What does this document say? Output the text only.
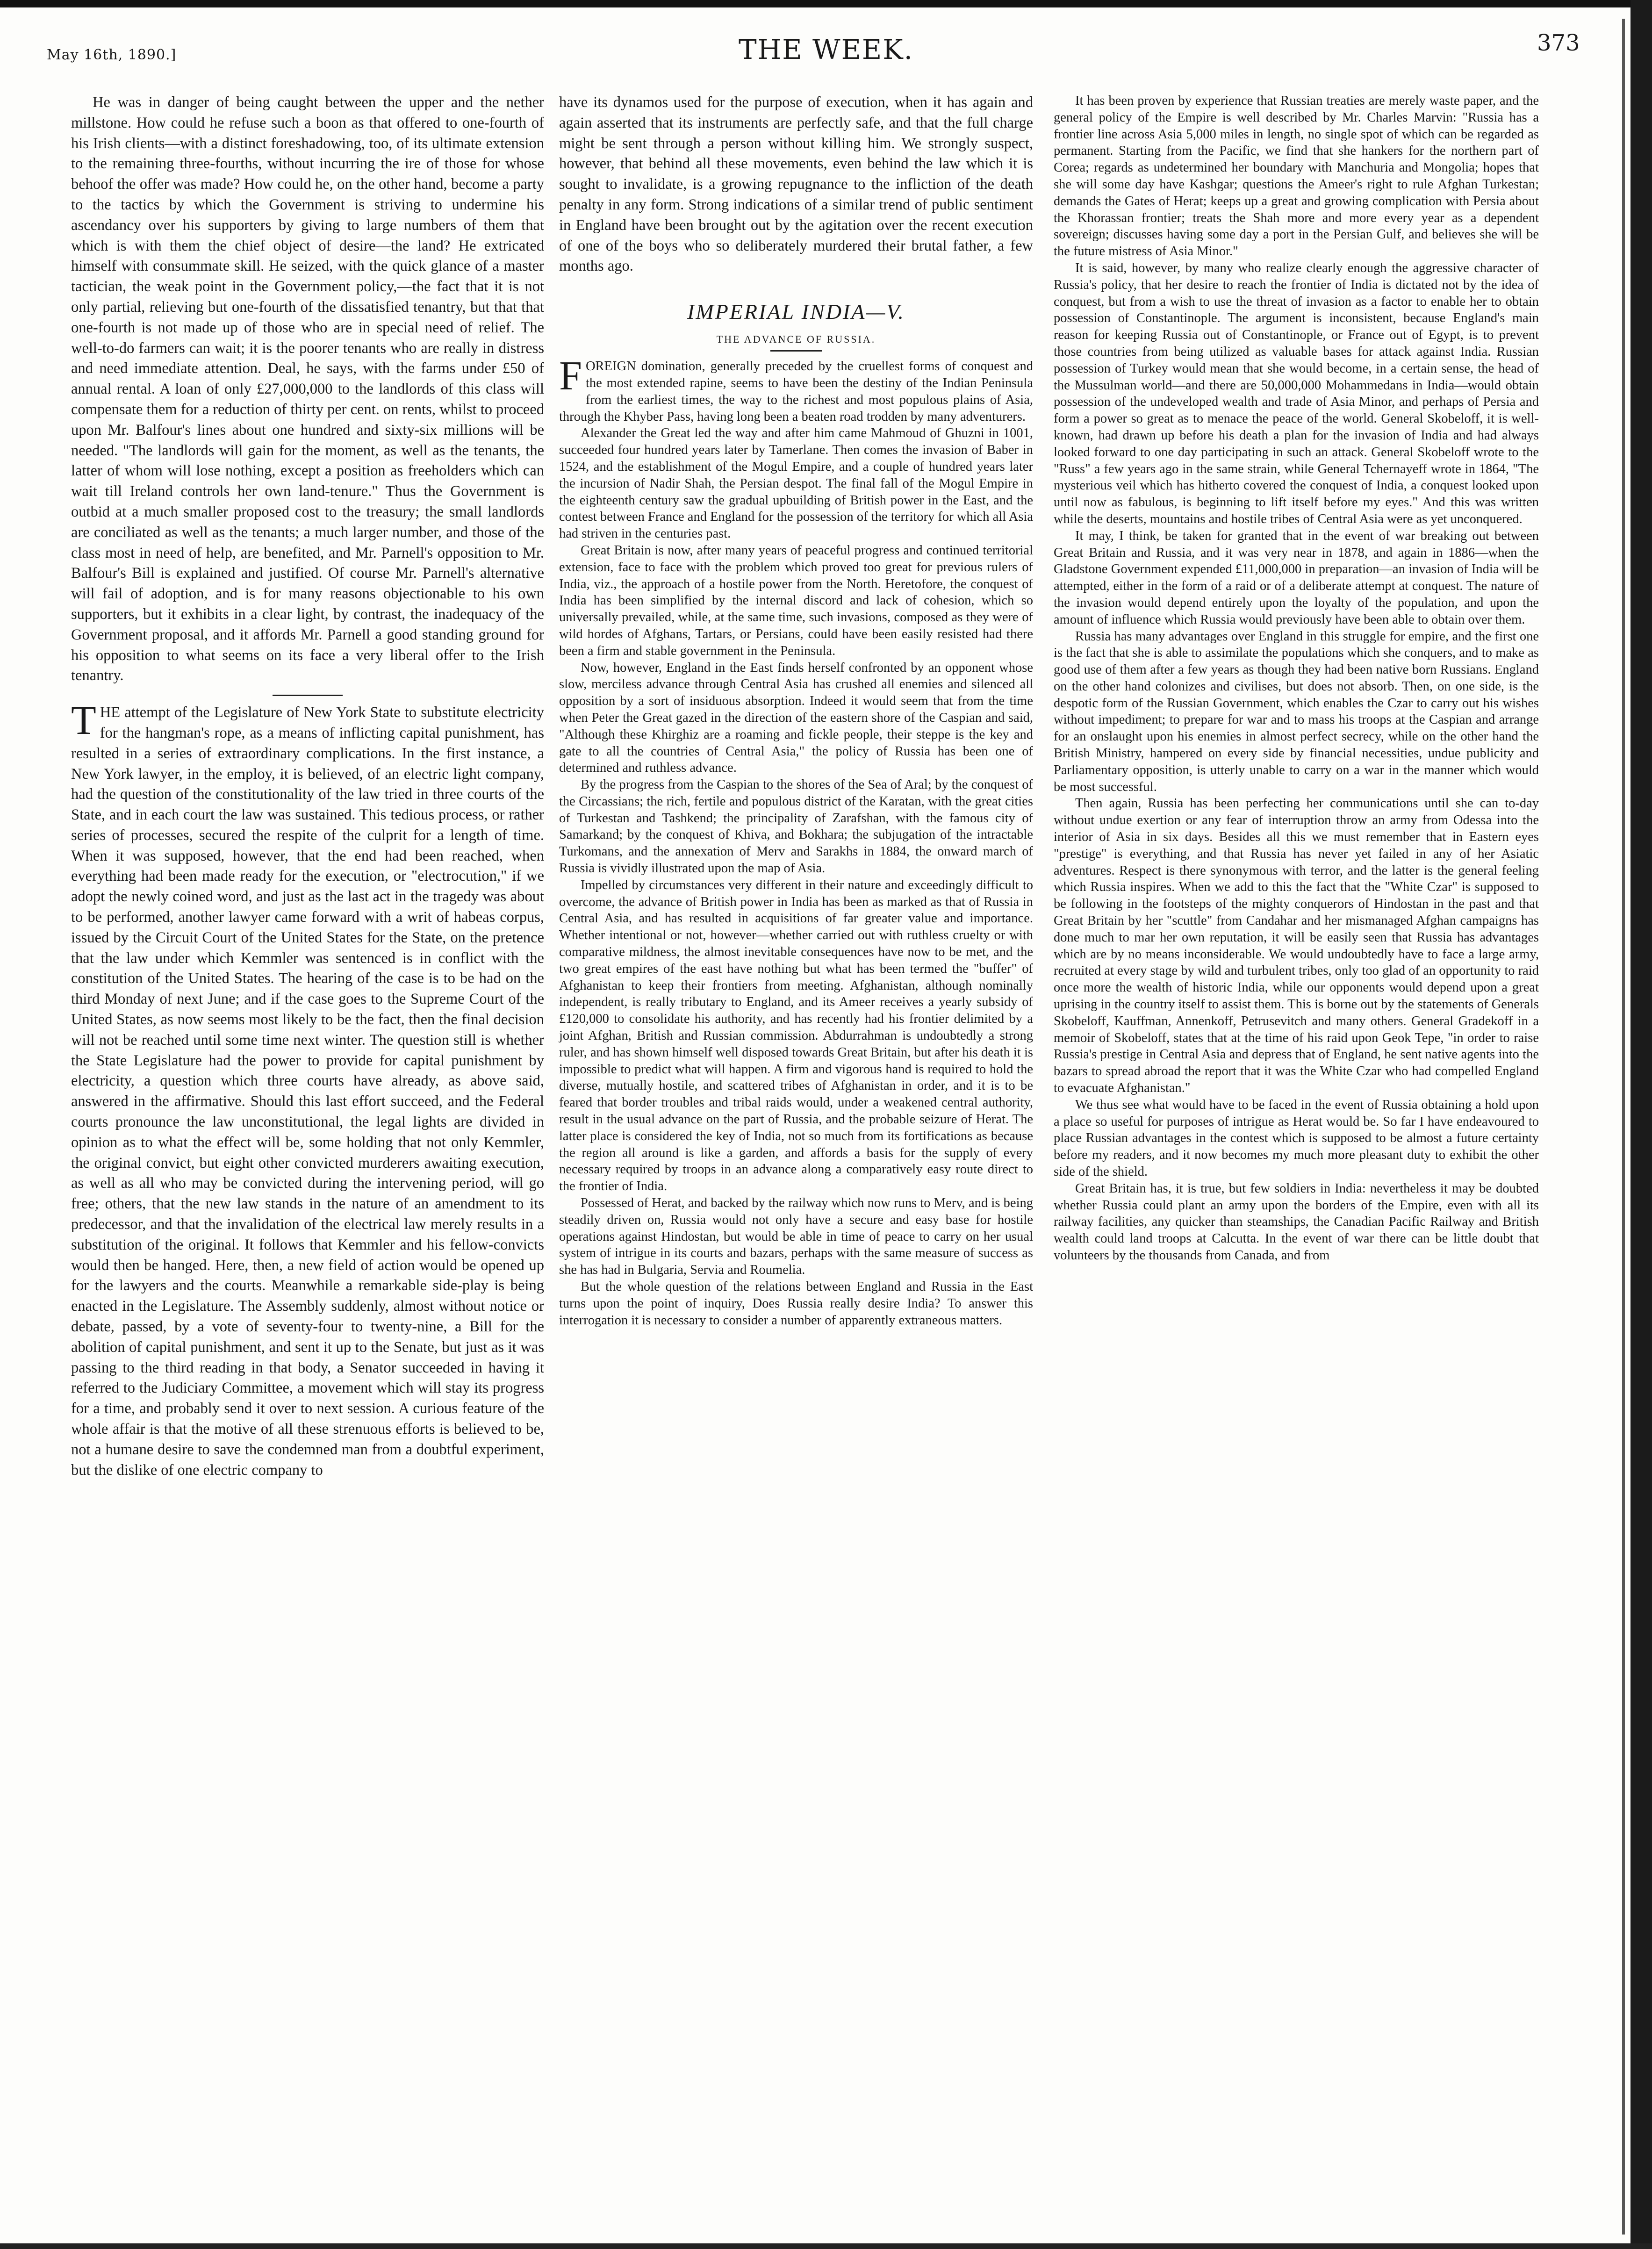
May 16th, 1890.]	THE WEEK.	373

He was in danger of being caught between the upper and the nether millstone. How could he refuse such a boon as that offered to one-fourth of his Irish clients—with a distinct foreshadowing, too, of its ultimate extension to the remaining three-fourths, without incurring the ire of those for whose behoof the offer was made? How could he, on the other hand, become a party to the tactics by which the Government is striving to undermine his ascendancy over his supporters by giving to large numbers of them that which is with them the chief object of desire—the land? He extricated himself with consummate skill. He seized, with the quick glance of a master tactician, the weak point in the Government policy,—the fact that it is not only partial, relieving but one-fourth of the dissatisfied tenantry, but that that one-fourth is not made up of those who are in special need of relief. The well-to-do farmers can wait; it is the poorer tenants who are really in distress and need immediate attention. Deal, he says, with the farms under £50 of annual rental. A loan of only £27,000,000 to the landlords of this class will compensate them for a reduction of thirty per cent. on rents, whilst to proceed upon Mr. Balfour's lines about one hundred and sixty-six millions will be needed. "The landlords will gain for the moment, as well as the tenants, the latter of whom will lose nothing, except a position as freeholders which can wait till Ireland controls her own land-tenure." Thus the Government is outbid at a much smaller proposed cost to the treasury; the small landlords are conciliated as well as the tenants; a much larger number, and those of the class most in need of help, are benefited, and Mr. Parnell's opposition to Mr. Balfour's Bill is explained and justified. Of course Mr. Parnell's alternative will fail of adoption, and is for many reasons objectionable to his own supporters, but it exhibits in a clear light, by contrast, the inadequacy of the Government proposal, and it affords Mr. Parnell a good standing ground for his opposition to what seems on its face a very liberal offer to the Irish tenantry.

THE attempt of the Legislature of New York State to substitute electricity for the hangman's rope, as a means of inflicting capital punishment, has resulted in a series of extraordinary complications. In the first instance, a New York lawyer, in the employ, it is believed, of an electric light company, had the question of the constitutionality of the law tried in three courts of the State, and in each court the law was sustained. This tedious process, or rather series of processes, secured the respite of the culprit for a length of time. When it was supposed, however, that the end had been reached, when everything had been made ready for the execution, or "electrocution," if we adopt the newly coined word, and just as the last act in the tragedy was about to be performed, another lawyer came forward with a writ of habeas corpus, issued by the Circuit Court of the United States for the State, on the pretence that the law under which Kemmler was sentenced is in conflict with the constitution of the United States. The hearing of the case is to be had on the third Monday of next June; and if the case goes to the Supreme Court of the United States, as now seems most likely to be the fact, then the final decision will not be reached until some time next winter. The question still is whether the State Legislature had the power to provide for capital punishment by electricity, a question which three courts have already, as above said, answered in the affirmative. Should this last effort succeed, and the Federal courts pronounce the law unconstitutional, the legal lights are divided in opinion as to what the effect will be, some holding that not only Kemmler, the original convict, but eight other convicted murderers awaiting execution, as well as all who may be convicted during the intervening period, will go free; others, that the new law stands in the nature of an amendment to its predecessor, and that the invalidation of the electrical law merely results in a substitution of the original. It follows that Kemmler and his fellow-convicts would then be hanged. Here, then, a new field of action would be opened up for the lawyers and the courts. Meanwhile a remarkable side-play is being enacted in the Legislature. The Assembly suddenly, almost without notice or debate, passed, by a vote of seventy-four to twenty-nine, a Bill for the abolition of capital punishment, and sent it up to the Senate, but just as it was passing to the third reading in that body, a Senator succeeded in having it referred to the Judiciary Committee, a movement which will stay its progress for a time, and probably send it over to next session. A curious feature of the whole affair is that the motive of all these strenuous efforts is believed to be, not a humane desire to save the condemned man from a doubtful experiment, but the dislike of one electric company to

have its dynamos used for the purpose of execution, when it has again and again asserted that its instruments are perfectly safe, and that the full charge might be sent through a person without killing him. We strongly suspect, however, that behind all these movements, even behind the law which it is sought to invalidate, is a growing repugnance to the infliction of the death penalty in any form. Strong indications of a similar trend of public sentiment in England have been brought out by the agitation over the recent execution of one of the boys who so deliberately murdered their brutal father, a few months ago.

IMPERIAL INDIA—V.
THE ADVANCE OF RUSSIA.

FOREIGN domination, generally preceded by the cruellest forms of conquest and the most extended rapine, seems to have been the destiny of the Indian Peninsula from the earliest times, the way to the richest and most populous plains of Asia, through the Khyber Pass, having long been a beaten road trodden by many adventurers.

Alexander the Great led the way and after him came Mahmoud of Ghuzni in 1001, succeeded four hundred years later by Tamerlane. Then comes the invasion of Baber in 1524, and the establishment of the Mogul Empire, and a couple of hundred years later the incursion of Nadir Shah, the Persian despot. The final fall of the Mogul Empire in the eighteenth century saw the gradual upbuilding of British power in the East, and the contest between France and England for the possession of the territory for which all Asia had striven in the centuries past.

Great Britain is now, after many years of peaceful progress and continued territorial extension, face to face with the problem which proved too great for previous rulers of India, viz., the approach of a hostile power from the North. Heretofore, the conquest of India has been simplified by the internal discord and lack of cohesion, which so universally prevailed, while, at the same time, such invasions, composed as they were of wild hordes of Afghans, Tartars, or Persians, could have been easily resisted had there been a firm and stable government in the Peninsula.

Now, however, England in the East finds herself confronted by an opponent whose slow, merciless advance through Central Asia has crushed all enemies and silenced all opposition by a sort of insiduous absorption. Indeed it would seem that from the time when Peter the Great gazed in the direction of the eastern shore of the Caspian and said, "Although these Khirghiz are a roaming and fickle people, their steppe is the key and gate to all the countries of Central Asia," the policy of Russia has been one of determined and ruthless advance.

By the progress from the Caspian to the shores of the Sea of Aral; by the conquest of the Circassians; the rich, fertile and populous district of the Karatan, with the great cities of Turkestan and Tashkend; the principality of Zarafshan, with the famous city of Samarkand; by the conquest of Khiva, and Bokhara; the subjugation of the intractable Turkomans, and the annexation of Merv and Sarakhs in 1884, the onward march of Russia is vividly illustrated upon the map of Asia.

Impelled by circumstances very different in their nature and exceedingly difficult to overcome, the advance of British power in India has been as marked as that of Russia in Central Asia, and has resulted in acquisitions of far greater value and importance. Whether intentional or not, however—whether carried out with ruthless cruelty or with comparative mildness, the almost inevitable consequences have now to be met, and the two great empires of the east have nothing but what has been termed the "buffer" of Afghanistan to keep their frontiers from meeting. Afghanistan, although nominally independent, is really tributary to England, and its Ameer receives a yearly subsidy of £120,000 to consolidate his authority, and has recently had his frontier delimited by a joint Afghan, British and Russian commission. Abdurrahman is undoubtedly a strong ruler, and has shown himself well disposed towards Great Britain, but after his death it is impossible to predict what will happen. A firm and vigorous hand is required to hold the diverse, mutually hostile, and scattered tribes of Afghanistan in order, and it is to be feared that border troubles and tribal raids would, under a weakened central authority, result in the usual advance on the part of Russia, and the probable seizure of Herat. The latter place is considered the key of India, not so much from its fortifications as because the region all around is like a garden, and affords a basis for the supply of every necessary required by troops in an advance along a comparatively easy route direct to the frontier of India.

Possessed of Herat, and backed by the railway which now runs to Merv, and is being steadily driven on, Russia would not only have a secure and easy base for hostile operations against Hindostan, but would be able in time of peace to carry on her usual system of intrigue in its courts and bazars, perhaps with the same measure of success as she has had in Bulgaria, Servia and Roumelia.

But the whole question of the relations between England and Russia in the East turns upon the point of inquiry, Does Russia really desire India? To answer this interrogation it is necessary to consider a number of apparently extraneous matters.

It has been proven by experience that Russian treaties are merely waste paper, and the general policy of the Empire is well described by Mr. Charles Marvin: "Russia has a frontier line across Asia 5,000 miles in length, no single spot of which can be regarded as permanent. Starting from the Pacific, we find that she hankers for the northern part of Corea; regards as undetermined her boundary with Manchuria and Mongolia; hopes that she will some day have Kashgar; questions the Ameer's right to rule Afghan Turkestan; demands the Gates of Herat; keeps up a great and growing complication with Persia about the Khorassan frontier; treats the Shah more and more every year as a dependent sovereign; discusses having some day a port in the Persian Gulf, and believes she will be the future mistress of Asia Minor."

It is said, however, by many who realize clearly enough the aggressive character of Russia's policy, that her desire to reach the frontier of India is dictated not by the idea of conquest, but from a wish to use the threat of invasion as a factor to enable her to obtain possession of Constantinople. The argument is inconsistent, because England's main reason for keeping Russia out of Constantinople, or France out of Egypt, is to prevent those countries from being utilized as valuable bases for attack against India. Russian possession of Turkey would mean that she would become, in a certain sense, the head of the Mussulman world—and there are 50,000,000 Mohammedans in India—would obtain possession of the undeveloped wealth and trade of Asia Minor, and perhaps of Persia and form a power so great as to menace the peace of the world. General Skobeloff, it is well-known, had drawn up before his death a plan for the invasion of India and had always looked forward to one day participating in such an attack. General Skobeloff wrote to the "Russ" a few years ago in the same strain, while General Tchernayeff wrote in 1864, "The mysterious veil which has hitherto covered the conquest of India, a conquest looked upon until now as fabulous, is beginning to lift itself before my eyes." And this was written while the deserts, mountains and hostile tribes of Central Asia were as yet unconquered.

It may, I think, be taken for granted that in the event of war breaking out between Great Britain and Russia, and it was very near in 1878, and again in 1886—when the Gladstone Government expended £11,000,000 in preparation—an invasion of India will be attempted, either in the form of a raid or of a deliberate attempt at conquest. The nature of the invasion would depend entirely upon the loyalty of the population, and upon the amount of influence which Russia would previously have been able to obtain over them.

Russia has many advantages over England in this struggle for empire, and the first one is the fact that she is able to assimilate the populations which she conquers, and to make as good use of them after a few years as though they had been native born Russians. England on the other hand colonizes and civilises, but does not absorb. Then, on one side, is the despotic form of the Russian Government, which enables the Czar to carry out his wishes without impediment; to prepare for war and to mass his troops at the Caspian and arrange for an onslaught upon his enemies in almost perfect secrecy, while on the other hand the British Ministry, hampered on every side by financial necessities, undue publicity and Parliamentary opposition, is utterly unable to carry on a war in the manner which would be most successful.

Then again, Russia has been perfecting her communications until she can to-day without undue exertion or any fear of interruption throw an army from Odessa into the interior of Asia in six days. Besides all this we must remember that in Eastern eyes "prestige" is everything, and that Russia has never yet failed in any of her Asiatic adventures. Respect is there synonymous with terror, and the latter is the general feeling which Russia inspires. When we add to this the fact that the "White Czar" is supposed to be following in the footsteps of the mighty conquerors of Hindostan in the past and that Great Britain by her "scuttle" from Candahar and her mismanaged Afghan campaigns has done much to mar her own reputation, it will be easily seen that Russia has advantages which are by no means inconsiderable. We would undoubtedly have to face a large army, recruited at every stage by wild and turbulent tribes, only too glad of an opportunity to raid once more the wealth of historic India, while our opponents would depend upon a great uprising in the country itself to assist them. This is borne out by the statements of Generals Skobeloff, Kauffman, Annenkoff, Petrusevitch and many others. General Gradekoff in a memoir of Skobeloff, states that at the time of his raid upon Geok Tepe, "in order to raise Russia's prestige in Central Asia and depress that of England, he sent native agents into the bazars to spread abroad the report that it was the White Czar who had compelled England to evacuate Afghanistan."

We thus see what would have to be faced in the event of Russia obtaining a hold upon a place so useful for purposes of intrigue as Herat would be. So far I have endeavoured to place Russian advantages in the contest which is supposed to be almost a future certainty before my readers, and it now becomes my much more pleasant duty to exhibit the other side of the shield.

Great Britain has, it is true, but few soldiers in India: nevertheless it may be doubted whether Russia could plant an army upon the borders of the Empire, even with all its railway facilities, any quicker than steamships, the Canadian Pacific Railway and British wealth could land troops at Calcutta. In the event of war there can be little doubt that volunteers by the thousands from Canada, and from
